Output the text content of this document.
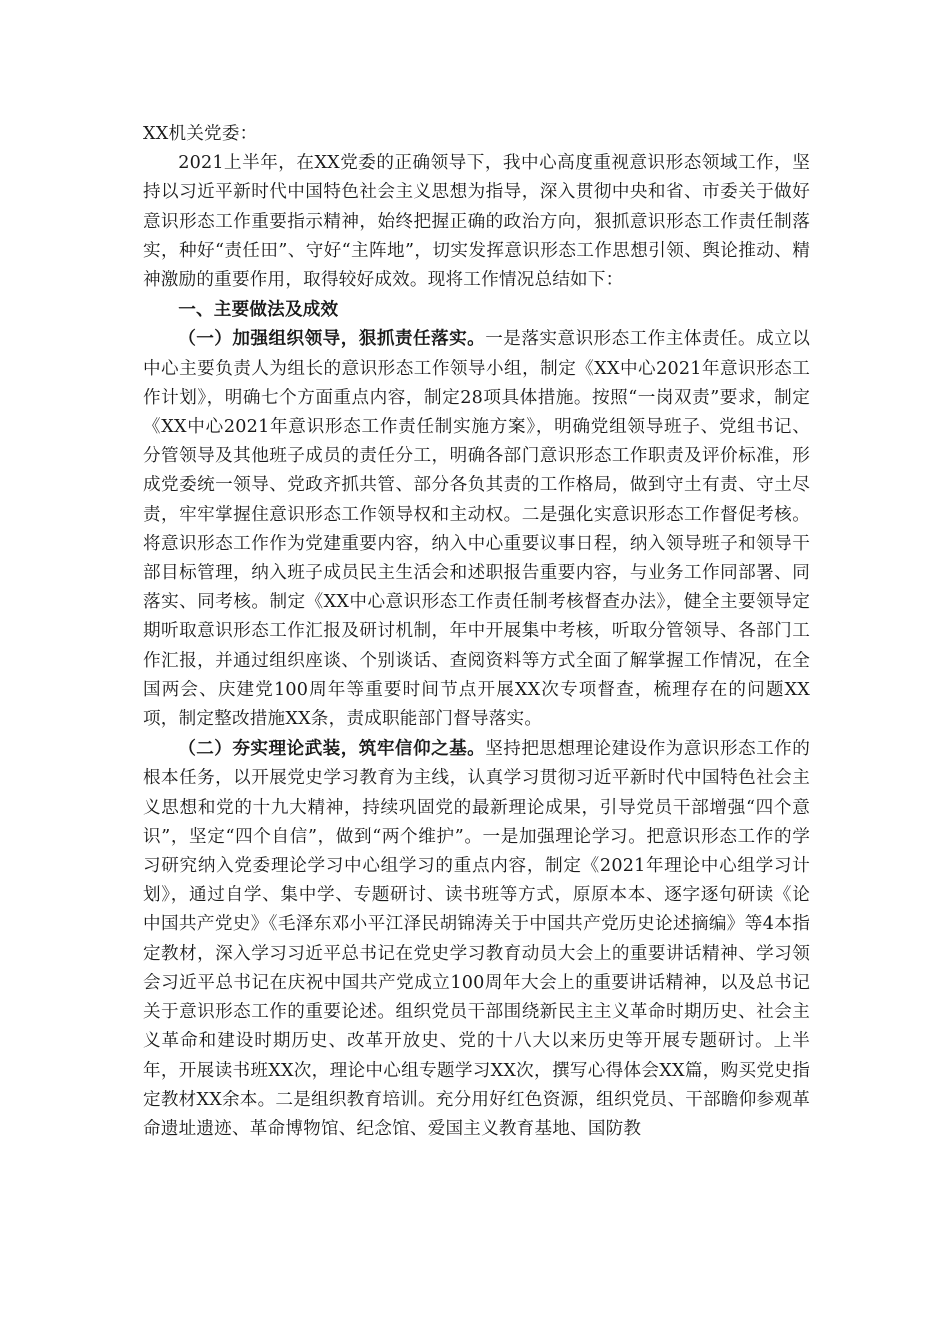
XX机关党委：

2021上半年，在XX党委的正确领导下，我中心高度重视意识形态领域工作，坚持以习近平新时代中国特色社会主义思想为指导，深入贯彻中央和省、市委关于做好意识形态工作重要指示精神，始终把握正确的政治方向，狠抓意识形态工作责任制落实，种好“责任田”、守好“主阵地”，切实发挥意识形态工作思想引领、舆论推动、精神激励的重要作用，取得较好成效。现将工作情况总结如下：

一、主要做法及成效

（一）加强组织领导，狠抓责任落实。一是落实意识形态工作主体责任。成立以中心主要负责人为组长的意识形态工作领导小组，制定《XX中心2021年意识形态工作计划》，明确七个方面重点内容，制定28项具体措施。按照“一岗双责”要求，制定《XX中心2021年意识形态工作责任制实施方案》，明确党组领导班子、党组书记、分管领导及其他班子成员的责任分工，明确各部门意识形态工作职责及评价标准，形成党委统一领导、党政齐抓共管、部分各负其责的工作格局，做到守土有责、守土尽责，牢牢掌握住意识形态工作领导权和主动权。二是强化实意识形态工作督促考核。将意识形态工作作为党建重要内容，纳入中心重要议事日程，纳入领导班子和领导干部目标管理，纳入班子成员民主生活会和述职报告重要内容，与业务工作同部署、同落实、同考核。制定《XX中心意识形态工作责任制考核督查办法》，健全主要领导定期听取意识形态工作汇报及研讨机制，年中开展集中考核，听取分管领导、各部门工作汇报，并通过组织座谈、个别谈话、查阅资料等方式全面了解掌握工作情况，在全国两会、庆建党100周年等重要时间节点开展XX次专项督查，梳理存在的问题XX项，制定整改措施XX条，责成职能部门督导落实。

（二）夯实理论武装，筑牢信仰之基。坚持把思想理论建设作为意识形态工作的根本任务，以开展党史学习教育为主线，认真学习贯彻习近平新时代中国特色社会主义思想和党的十九大精神，持续巩固党的最新理论成果，引导党员干部增强“四个意识”，坚定“四个自信”，做到“两个维护”。一是加强理论学习。把意识形态工作的学习研究纳入党委理论学习中心组学习的重点内容，制定《2021年理论中心组学习计划》，通过自学、集中学、专题研讨、读书班等方式，原原本本、逐字逐句研读《论中国共产党史》《毛泽东邓小平江泽民胡锦涛关于中国共产党历史论述摘编》等4本指定教材，深入学习习近平总书记在党史学习教育动员大会上的重要讲话精神、学习领会习近平总书记在庆祝中国共产党成立100周年大会上的重要讲话精神，以及总书记关于意识形态工作的重要论述。组织党员干部围绕新民主主义革命时期历史、社会主义革命和建设时期历史、改革开放史、党的十八大以来历史等开展专题研讨。上半年，开展读书班XX次，理论中心组专题学习XX次，撰写心得体会XX篇，购买党史指定教材XX余本。二是组织教育培训。充分用好红色资源，组织党员、干部瞻仰参观革命遗址遗迹、革命博物馆、纪念馆、爱国主义教育基地、国防教
